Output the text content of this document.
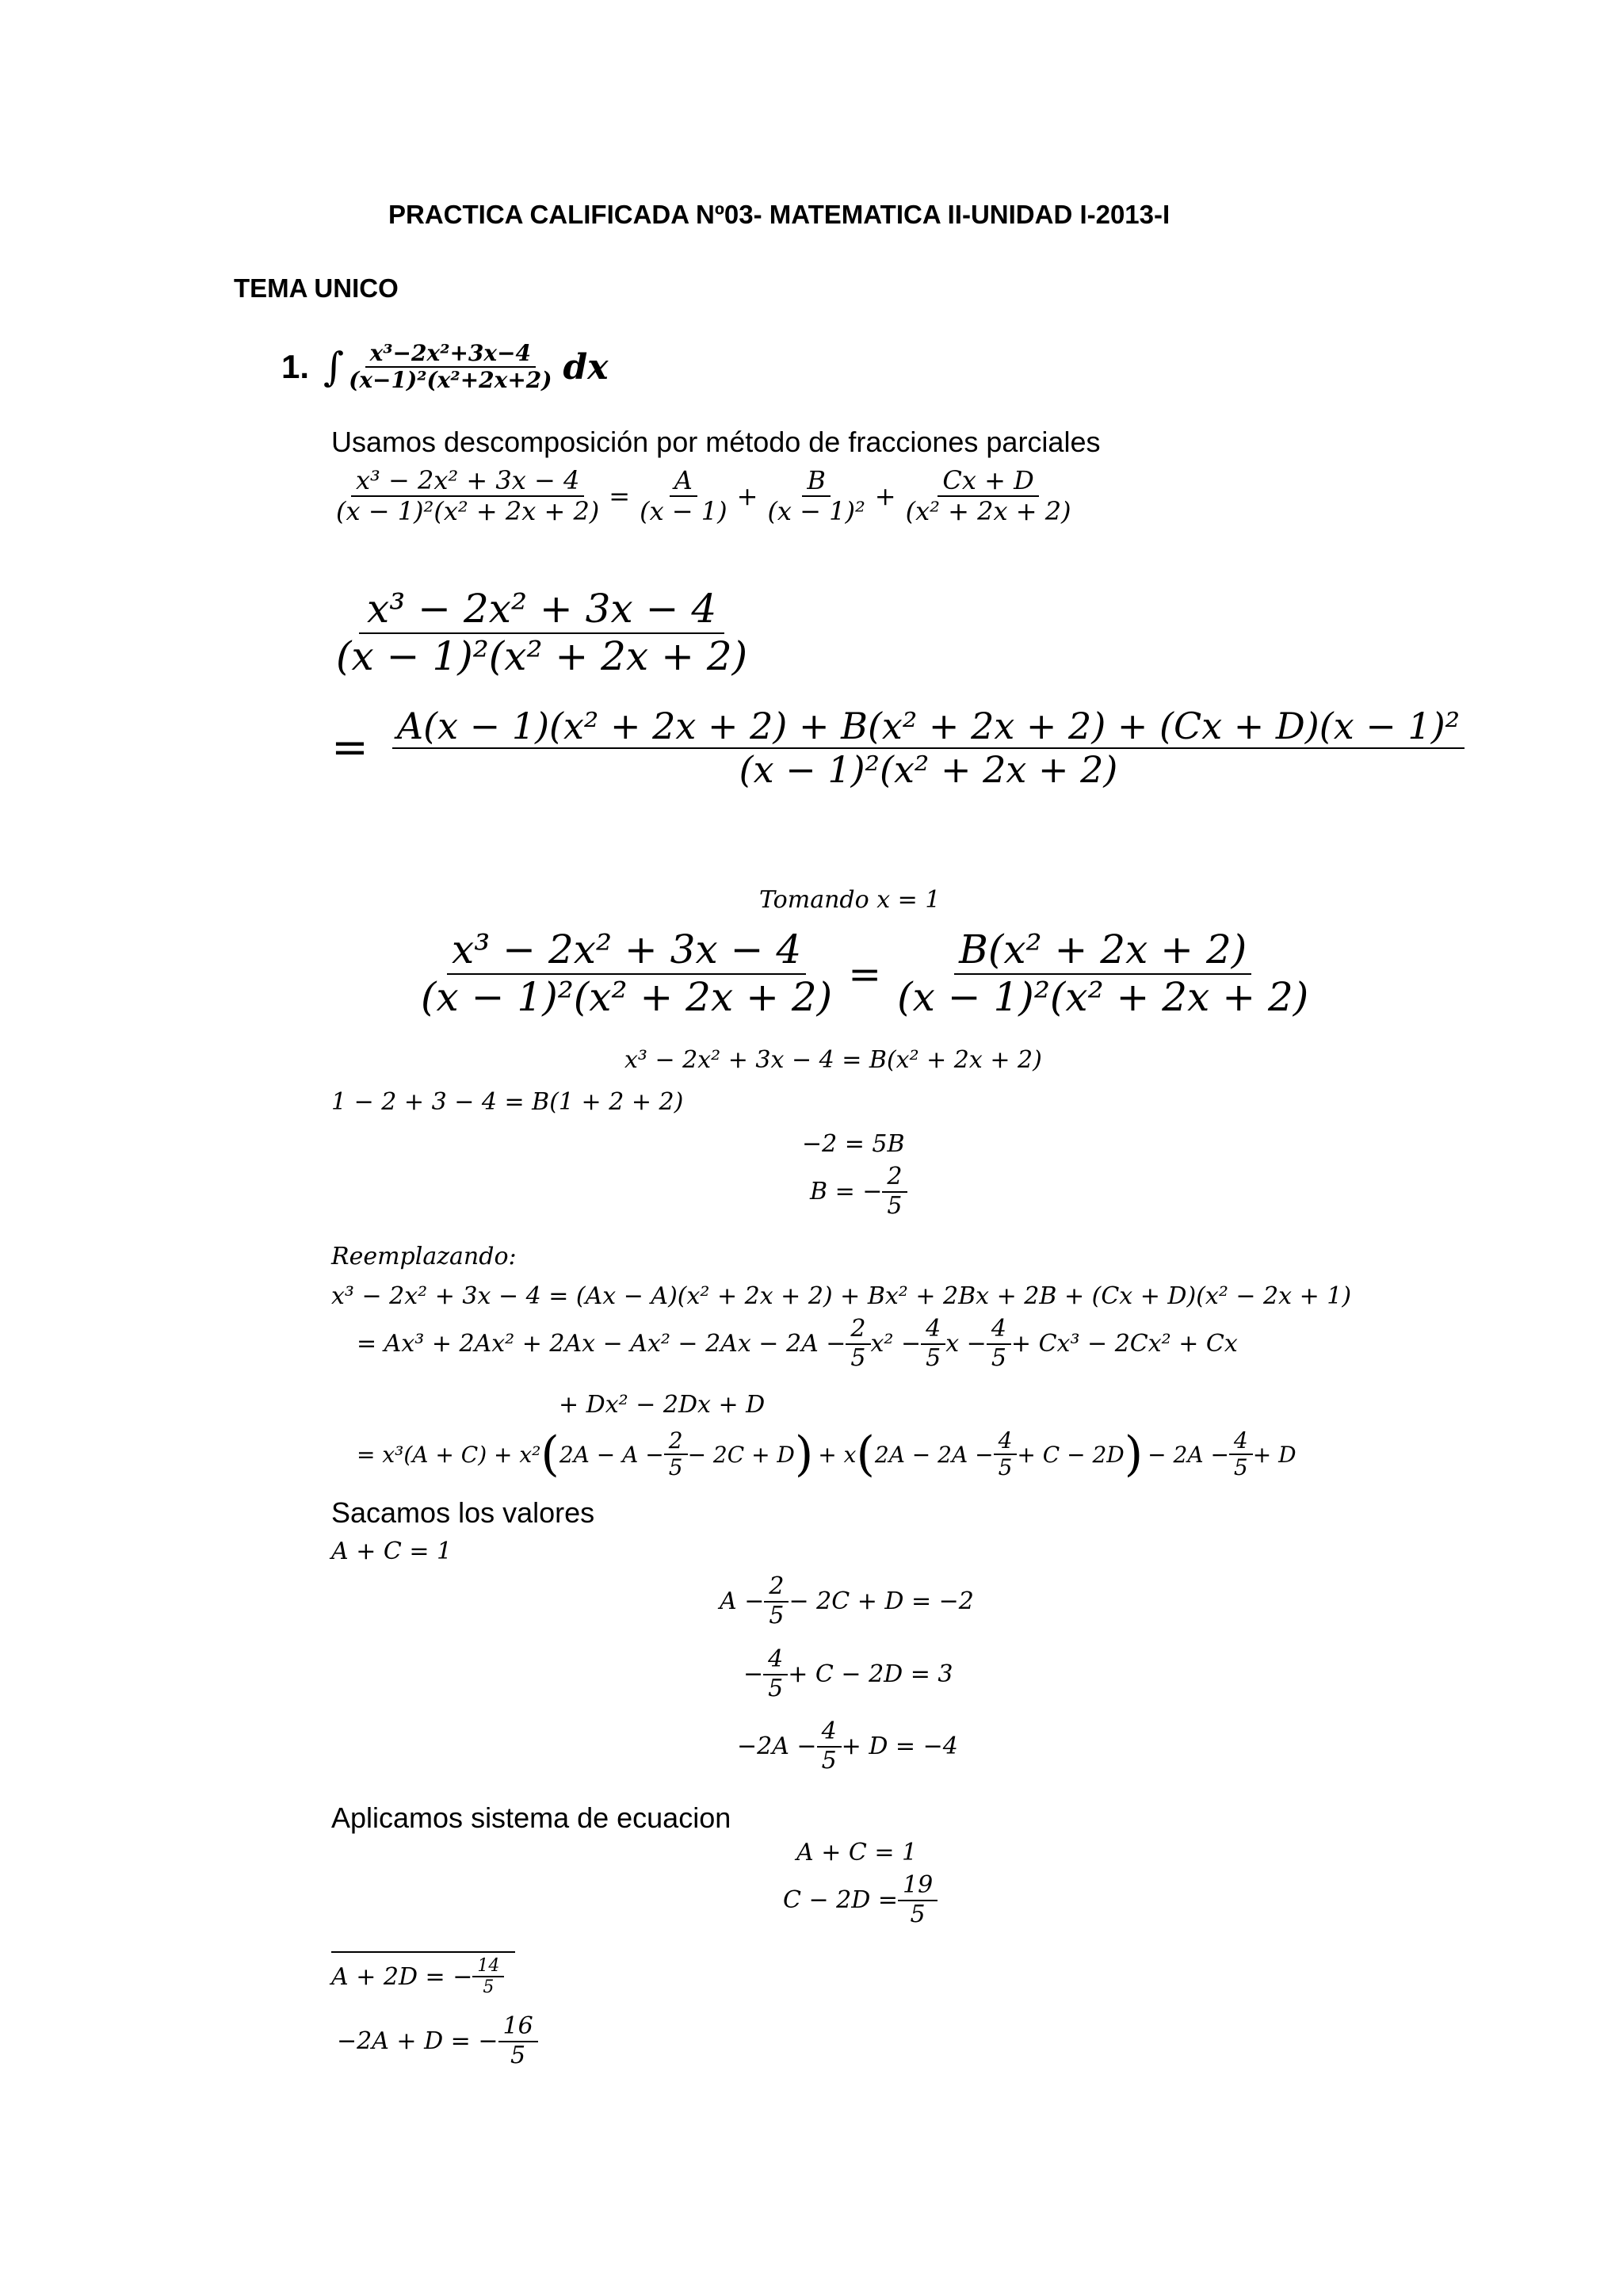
PRACTICA CALIFICADA Nº03- MATEMATICA II-UNIDAD I-2013-I
TEMA UNICO
1. ∫ $\frac{\text{x³−2x²+3x−4}}{\text{(x−1)²(x²+2x+2)}}$ dx
Usamos descomposición por método de fracciones parciales
$\frac{\text{x³ − 2x² + 3x − 4}}{\text{(x − 1)²(x² + 2x + 2)}} = \frac{A}{(x - 1)} + \frac{B}{\text{(x − 1)²}} + \frac{Cx + D}{\text{(x² + 2x + 2)}}$
$\frac{\text{x³ − 2x² + 3x − 4}}{\text{(x − 1)²(x² + 2x + 2)}}$
= $\frac{\text{A(x − 1)(x² + 2x + 2) + B(x² + 2x + 2) + (Cx + D)(x − 1)²}}{\text{(x − 1)²(x² + 2x + 2)}}$
Tomando x = 1
$\frac{\text{x³ − 2x² + 3x − 4}}{\text{(x − 1)²(x² + 2x + 2)}} = \frac{\text{B(x² + 2x + 2)}}{\text{(x − 1)²(x² + 2x + 2)}}$
x³ − 2x² + 3x − 4 = B(x² + 2x + 2)
1 − 2 + 3 − 4 = B(1 + 2 + 2)
−2 = 5B
B = − $\frac{2}{5}$
Reemplazando:
x³ − 2x² + 3x − 4 = (Ax − A)(x² + 2x + 2) + Bx² + 2Bx + 2B + (Cx + D)(x² − 2x + 1)
= $Ax^3 + 2Ax^2 + 2Ax - Ax^2 - 2Ax - 2A - \frac{2}{5} x^2 - \frac{4}{5}$ $x - \frac{4}{5} + Cx^3 - 2Cx^2 + Cx$
+ Dx² − 2Dx + D
= x³(A + C) + x² ( $2A - A - \frac{2}{5} - 2C + D$ ) + x ( $2A - 2A - \frac{4}{5} + C - 2D$ ) − $2A - \frac{4}{5} + D$
Sacamos los valores
A + C = 1
$A - \frac{2}{5} - 2C + D = -2$
− $\frac{4}{5} + C - 2D = 3$
$-2A - \frac{4}{5} + D = -4$
Aplicamos sistema de ecuacion
A + C = 1
$C - 2D = \frac{19}{5}$
A + 2D = − $\frac{14}{5}$
−2A + D = − $\frac{16}{5}$
